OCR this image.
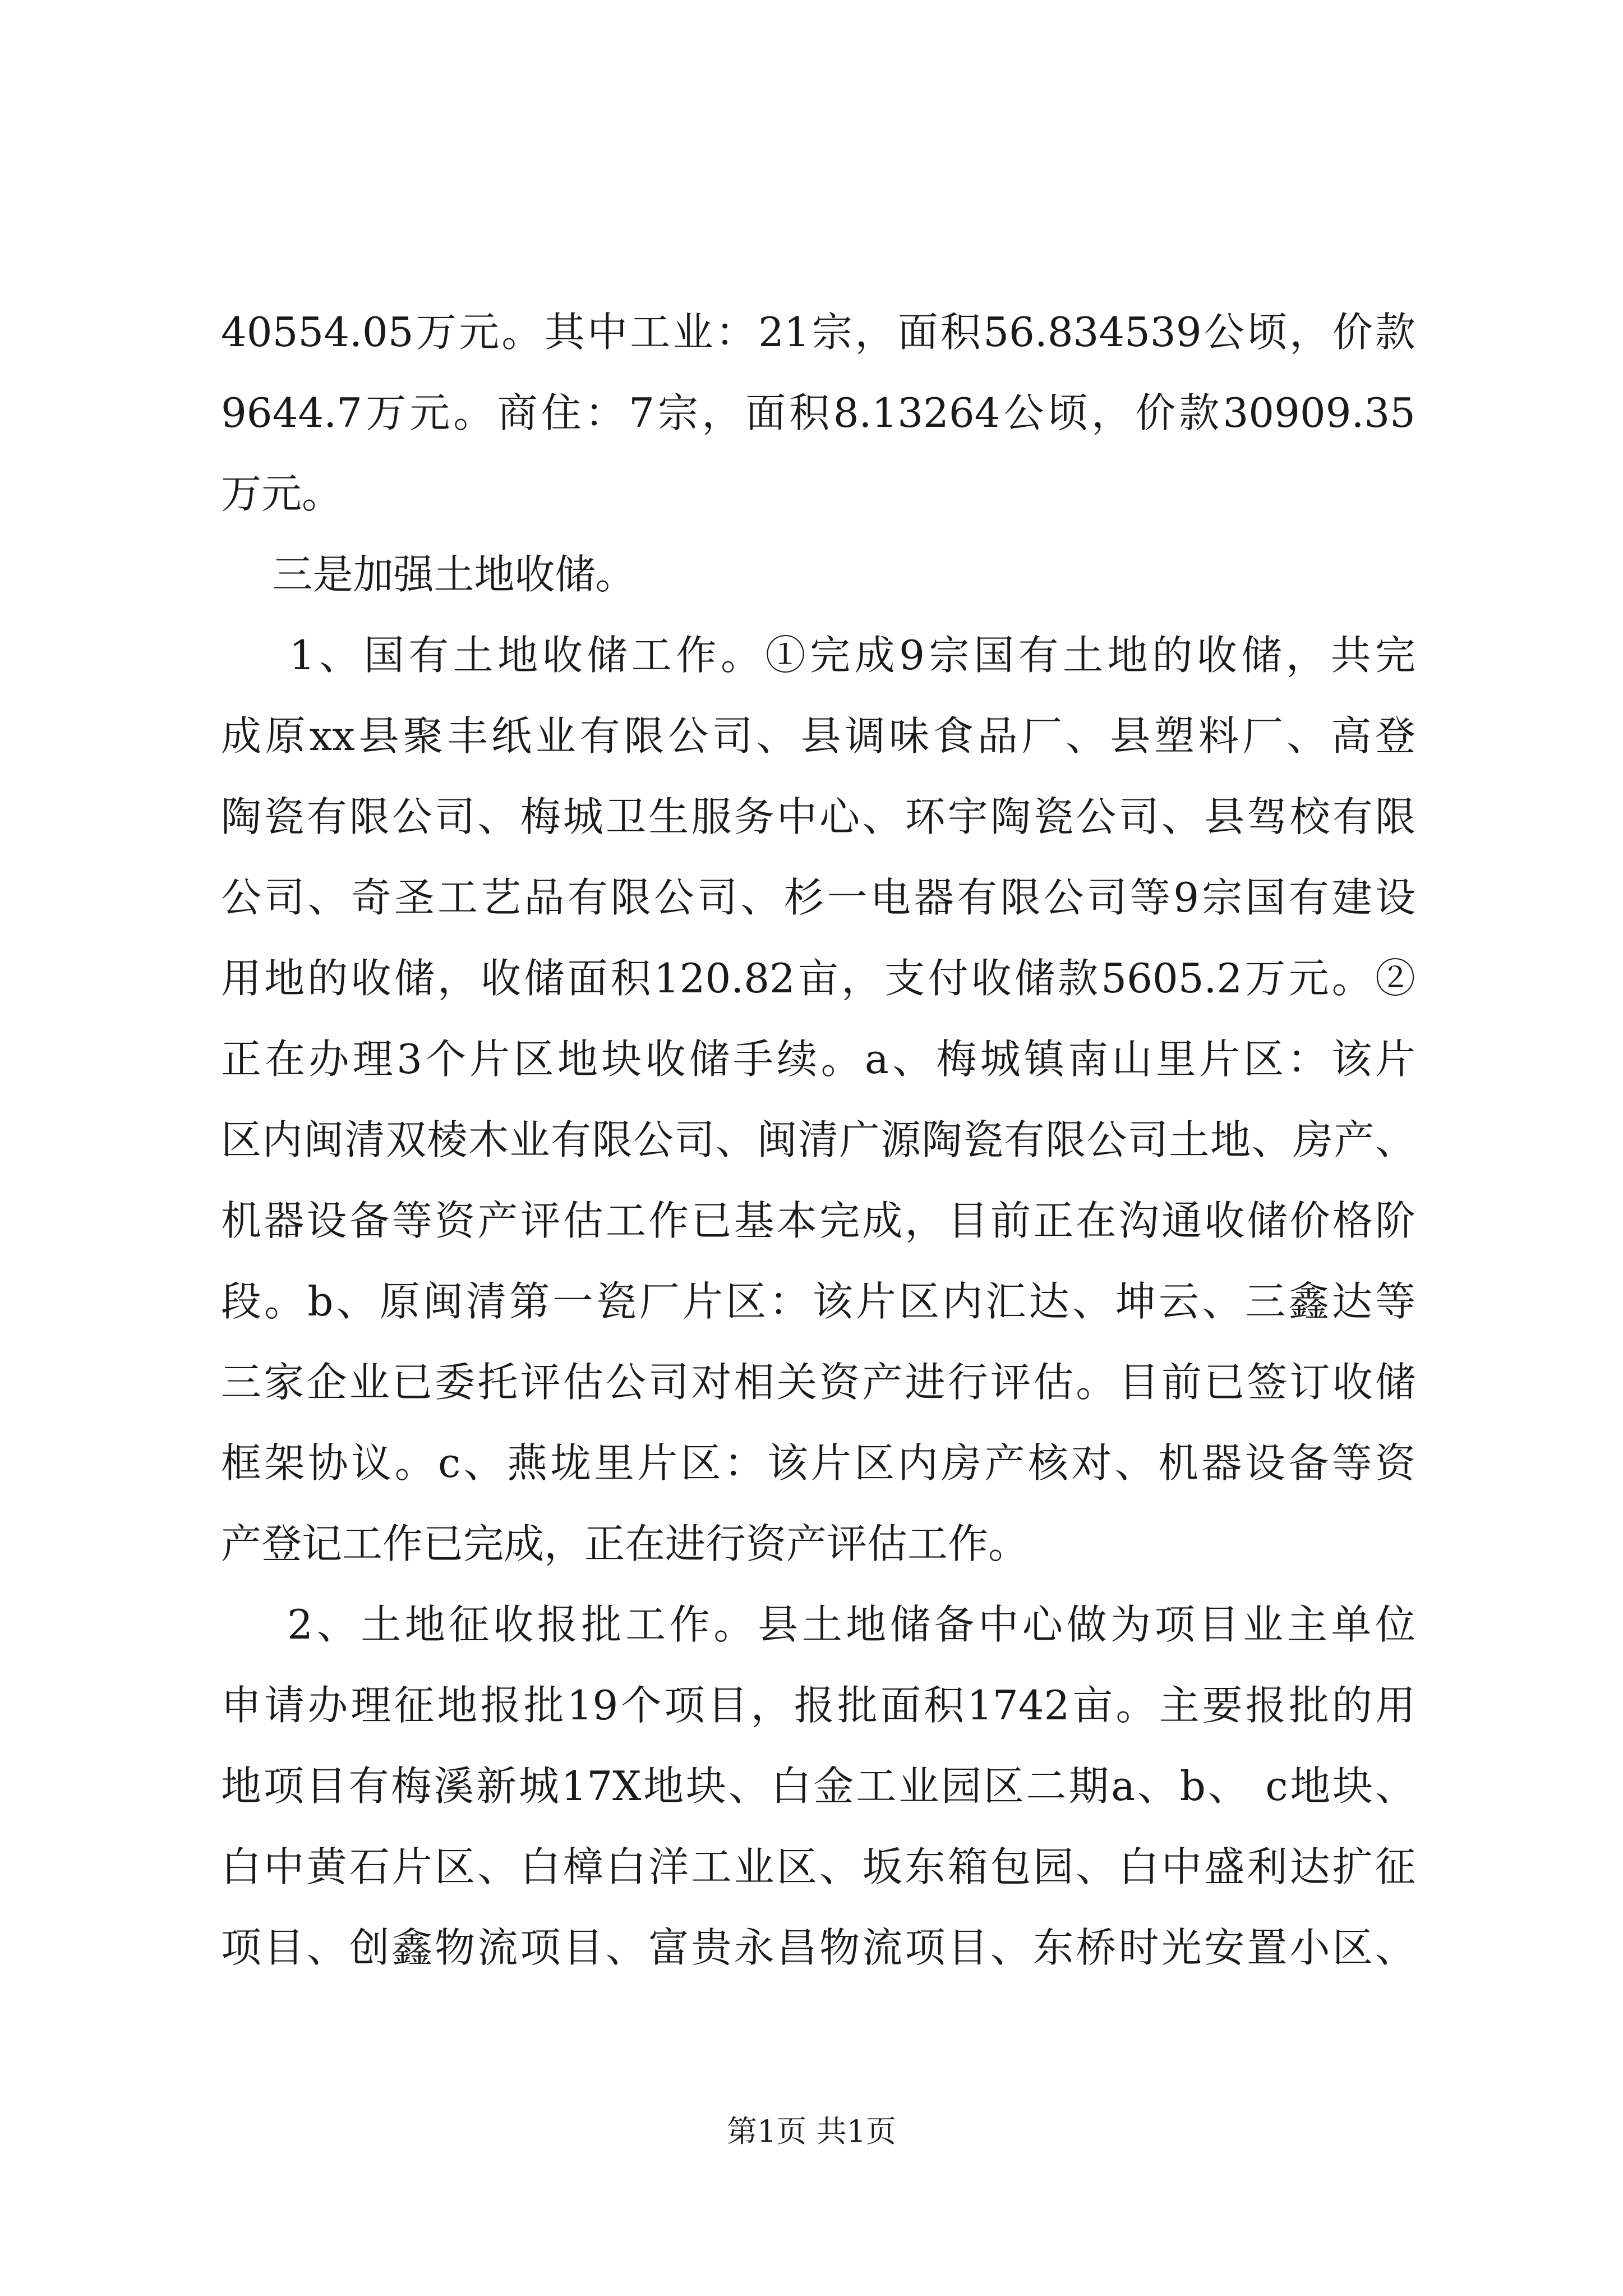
40554.05万元。其中工业：21宗，面积56.834539公顷，价款
9644.7万元。商住：7宗，面积8.13264公顷，价款30909.35
万元。
三是加强土地收储。
1、国有土地收储工作。①完成9宗国有土地的收储，共完
成原xx县聚丰纸业有限公司、县调味食品厂、县塑料厂、高登
陶瓷有限公司、梅城卫生服务中心、环宇陶瓷公司、县驾校有限
公司、奇圣工艺品有限公司、杉一电器有限公司等9宗国有建设
用地的收储，收储面积120.82亩，支付收储款5605.2万元。②
正在办理3个片区地块收储手续。a、梅城镇南山里片区：该片
区内闽清双棱木业有限公司、闽清广源陶瓷有限公司土地、房产、
机器设备等资产评估工作已基本完成，目前正在沟通收储价格阶
段。b、原闽清第一瓷厂片区：该片区内汇达、坤云、三鑫达等
三家企业已委托评估公司对相关资产进行评估。目前已签订收储
框架协议。c、燕垅里片区：该片区内房产核对、机器设备等资
产登记工作已完成，正在进行资产评估工作。
2、土地征收报批工作。县土地储备中心做为项目业主单位
申请办理征地报批19个项目，报批面积1742亩。主要报批的用
地项目有梅溪新城17X地块、白金工业园区二期a、b、 c地块、
白中黄石片区、白樟白洋工业区、坂东箱包园、白中盛利达扩征
项目、创鑫物流项目、富贵永昌物流项目、东桥时光安置小区、
第1页 共1页
